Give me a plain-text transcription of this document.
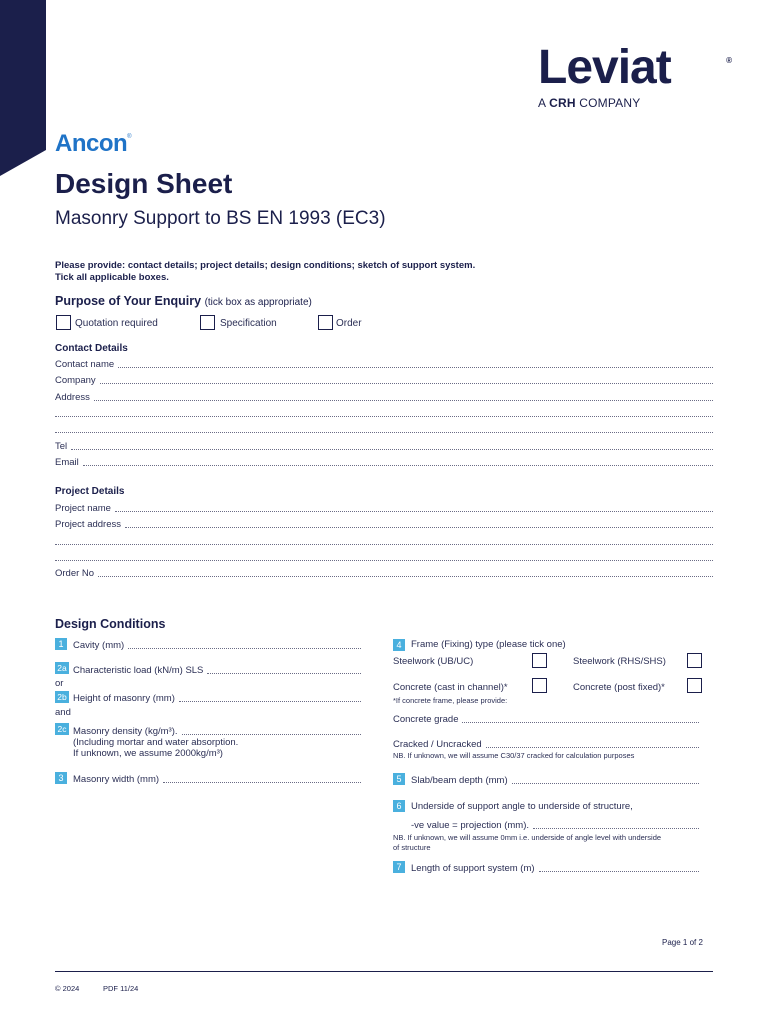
Leviat	®
A CRH COMPANY
Ancon®
Design Sheet
Masonry Support to BS EN 1993 (EC3)
Please provide: contact details; project details; design conditions; sketch of support system.
Tick all applicable boxes.
Purpose of Your Enquiry (tick box as appropriate)
Quotation required	Specification	Order
Contact Details
Contact name
Company
Address
Tel
Email
Project Details
Project name
Project address
Order No
Design Conditions
1	Cavity (mm)
2a Characteristic load (kN/m) SLS
or
2b Height of masonry (mm)
and
2c Masonry density (kg/m³).
(Including mortar and water absorption.
If unknown, we assume 2000kg/m³)
3	Masonry width (mm)
4	Frame (Fixing) type (please tick one)
Steelwork (UB/UC)	Steelwork (RHS/SHS)
Concrete (cast in channel)*	Concrete (post fixed)*
*If concrete frame, please provide:
Concrete grade
Cracked / Uncracked
NB. If unknown, we will assume C30/37 cracked for calculation purposes
5	Slab/beam depth (mm)
6	Underside of support angle to underside of structure,
-ve value = projection (mm).
NB. If unknown, we will assume 0mm i.e. underside of angle level with underside
of structure
7	Length of support system (m)
Page 1 of 2
© 2024	PDF 11/24
